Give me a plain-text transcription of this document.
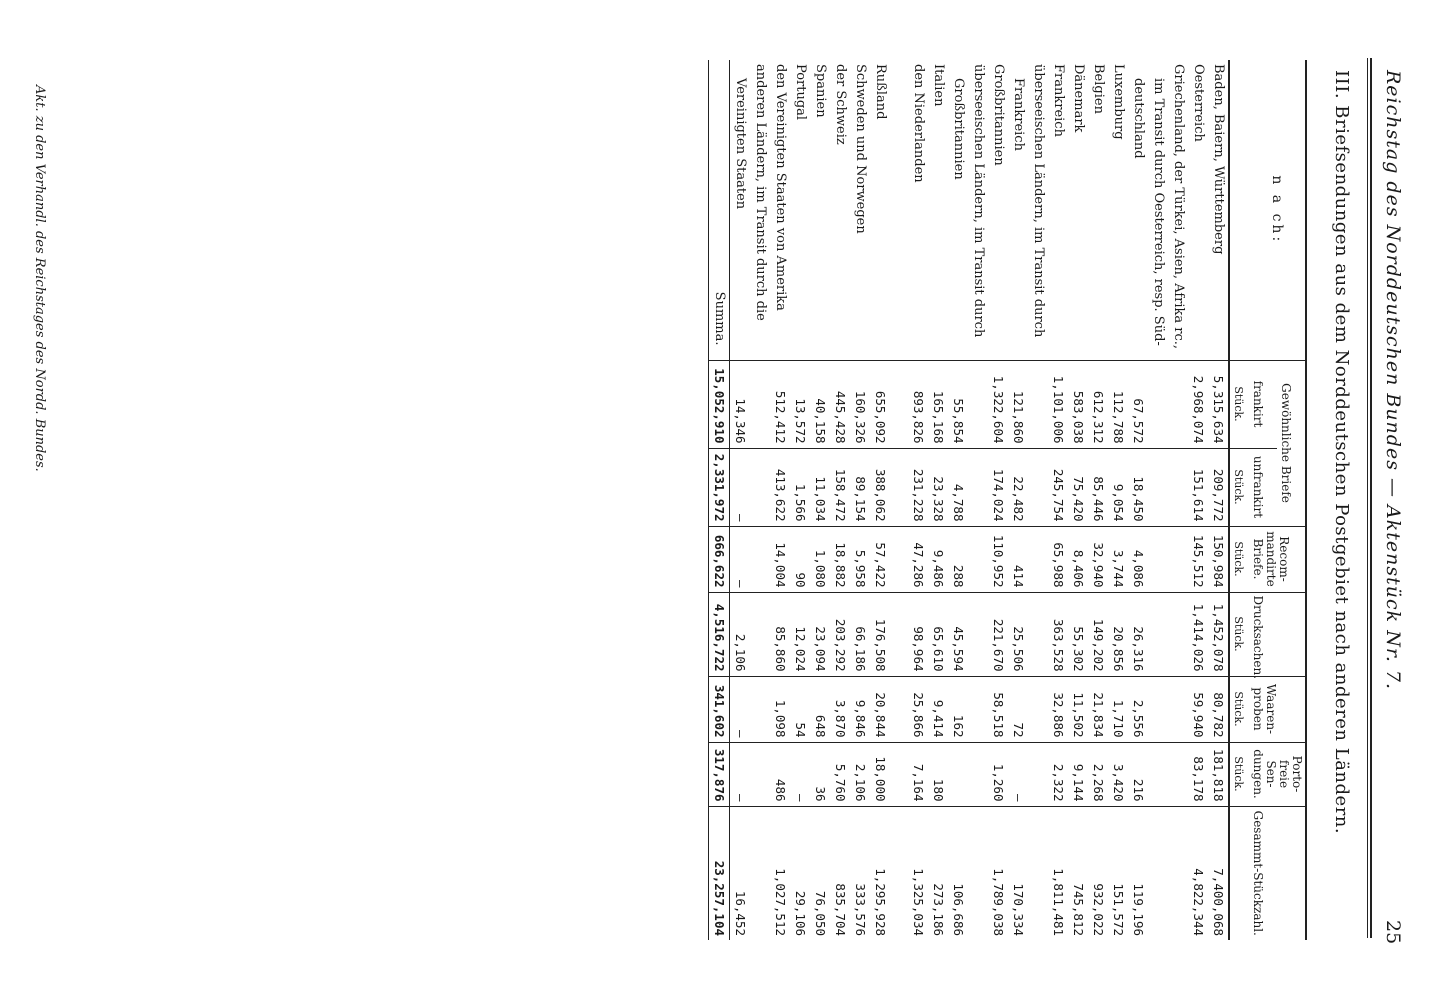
Reichstag des Norddeutschen Bundes — Aktenstück Nr. 7.
25
III. Briefsendungen aus dem Norddeutschen Postgebiet nach anderen Ländern.
n a ch:	Gewöhnliche Briefe		Recom-mandirte Briefe.	Drucksachen.	Waaren-proben	Porto-freie Sen-dungen.	Gesammt-Stückzahl.
	frankirt	unfrankirt					
	Stück.	Stück.	Stück.	Stück.	Stück.	Stück.	
Baden, Baiern, Württemberg	5,315,634	209,772	150,984	1,452,078	80,782	181,818	7,400,068
Oesterreich	2,968,074	151,614	145,512	1,414,026	59,940	83,178	4,822,344
Griechenland, der Türkei, Asien, Afrika rc.,							
im Transit durch Oesterreich, resp. Süd-							
deutschland	67,572	18,450	4,086	26,316	2,556	216	119,196
Luxemburg	112,788	9,054	3,744	20,856	1,710	3,420	151,572
Belgien	612,312	85,446	32,940	149,202	21,834	2,268	932,022
Dänemark	583,038	75,420	8,406	55,302	11,502	9,144	745,812
Frankreich	1,101,006	245,754	65,988	363,528	32,886	2,322	1,811,481
überseeischen Ländern, im Transit durch							
Frankreich	121,860	22,482	414	25,506	72	—	170,334
Großbritannien	1,322,604	174,024	110,952	221,670	58,518	1,260	1,789,038
überseeischen Ländern, im Transit durch							
Großbritannien	55,854	4,788	288	45,594	162		106,686
Italien	165,168	23,328	9,486	65,610	9,414	180	273,186
den Niederlanden	893,826	231,228	47,286	98,964	25,866	7,164	1,325,034

Rußland	655,092	388,062	57,422	176,508	20,844	18,000	1,295,928
Schweden und Norwegen	160,326	89,154	5,958	66,186	9,846	2,106	333,576
der Schweiz	445,428	158,472	18,882	203,292	3,870	5,760	835,704
Spanien	40,158	11,034	1,080	23,094	648	36	76,050
Portugal	13,572	1,566	90	12,024	54	—	29,106
den Vereinigten Staaten von Amerika	512,412	413,622	14,004	85,860	1,098	486	1,027,512
anderen Ländern, im Transit durch die							
Vereinigten Staaten	14,346	—	—	2,106	—	—	16,452
Summa.	15,052,910	2,331,972	666,622	4,516,722	341,602	317,876	23,257,104
Akt. zu den Verhandl. des Reichstages des Nordd. Bundes.
